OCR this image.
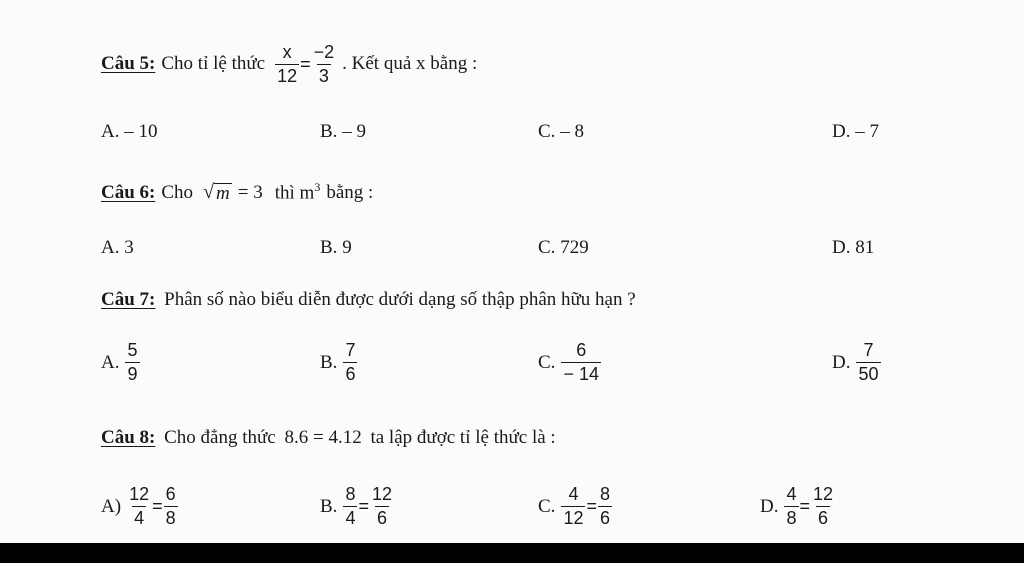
Câu 5: Cho tỉ lệ thức $\frac{x}{12} = \frac{-2}{3}$ . Kết quả x bằng :
A. – 10	B. – 9	C. – 8	D. – 7
Câu 6: Cho √ m = 3 thì $m^3$ bằng :
A. 3	B. 9	C. 729	D. 81
Câu 7: Phân số nào biểu diễn được dưới dạng số thập phân hữu hạn ?
A. $\frac{5}{9}$	B. $\frac{7}{6}$	C. $\frac{6}{- 14}$	D. $\frac{7}{50}$
Câu 8: Cho đẳng thức 8.6 = 4.12 ta lập được tỉ lệ thức là :
$A) \frac{12}{4} = \frac{6}{8}$	B. $\frac{8}{4} = \frac{12}{6}$	C. $\frac{4}{12} = \frac{8}{6}$	D. $\frac{4}{8} = \frac{12}{6}$
